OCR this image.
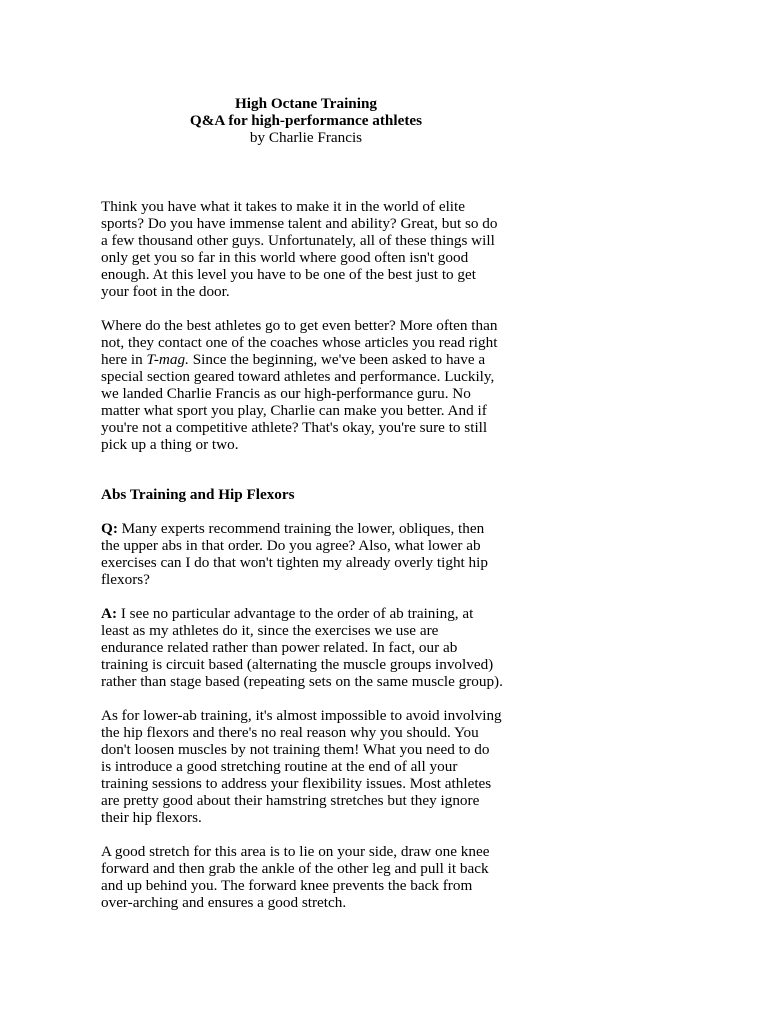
High Octane Training
Q&A for high-performance athletes
by Charlie Francis
Think you have what it takes to make it in the world of elite
sports? Do you have immense talent and ability? Great, but so do
a few thousand other guys. Unfortunately, all of these things will
only get you so far in this world where good often isn't good
enough. At this level you have to be one of the best just to get
your foot in the door.
Where do the best athletes go to get even better? More often than
not, they contact one of the coaches whose articles you read right
here in T-mag. Since the beginning, we've been asked to have a
special section geared toward athletes and performance. Luckily,
we landed Charlie Francis as our high-performance guru. No
matter what sport you play, Charlie can make you better. And if
you're not a competitive athlete? That's okay, you're sure to still
pick up a thing or two.
Abs Training and Hip Flexors
Q: Many experts recommend training the lower, obliques, then
the upper abs in that order. Do you agree? Also, what lower ab
exercises can I do that won't tighten my already overly tight hip
flexors?
A: I see no particular advantage to the order of ab training, at
least as my athletes do it, since the exercises we use are
endurance related rather than power related. In fact, our ab
training is circuit based (alternating the muscle groups involved)
rather than stage based (repeating sets on the same muscle group).
As for lower-ab training, it's almost impossible to avoid involving
the hip flexors and there's no real reason why you should. You
don't loosen muscles by not training them! What you need to do
is introduce a good stretching routine at the end of all your
training sessions to address your flexibility issues. Most athletes
are pretty good about their hamstring stretches but they ignore
their hip flexors.
A good stretch for this area is to lie on your side, draw one knee
forward and then grab the ankle of the other leg and pull it back
and up behind you. The forward knee prevents the back from
over-arching and ensures a good stretch.
